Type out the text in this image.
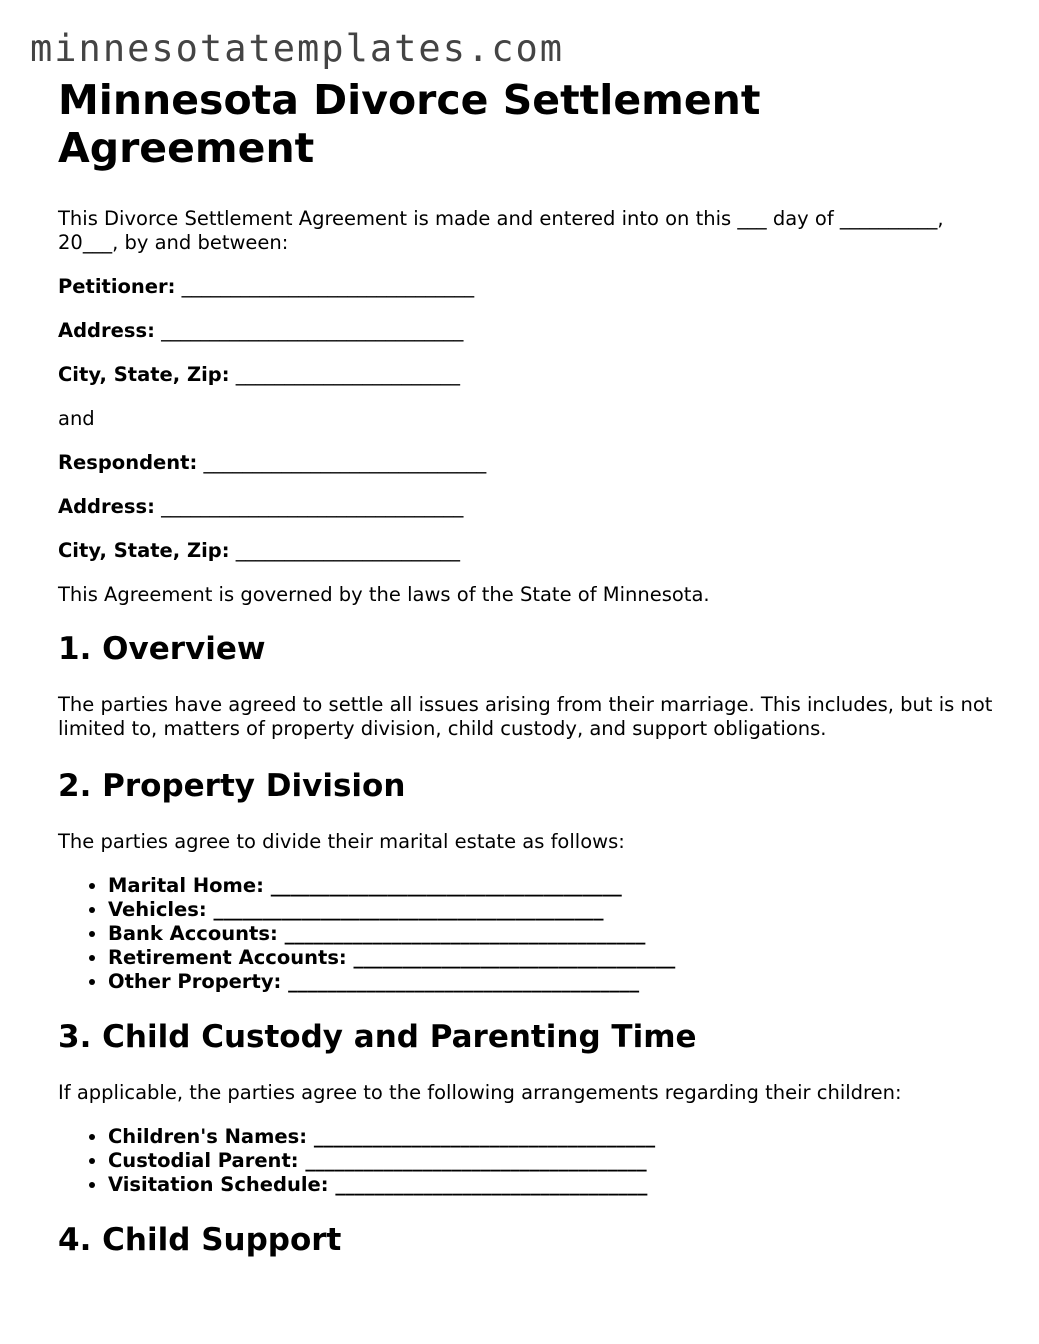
minnesotatemplates.com
Minnesota Divorce Settlement Agreement

This Divorce Settlement Agreement is made and entered into on this ___ day of __________, 20___, by and between:

Petitioner: ______________________________

Address: _______________________________

City, State, Zip: _______________________

and

Respondent: _____________________________

Address: _______________________________

City, State, Zip: _______________________

This Agreement is governed by the laws of the State of Minnesota.

1. Overview

The parties have agreed to settle all issues arising from their marriage. This includes, but is not limited to, matters of property division, child custody, and support obligations.

2. Property Division

The parties agree to divide their marital estate as follows:

• Marital Home: ____________________________________
• Vehicles: ________________________________________
• Bank Accounts: _____________________________________
• Retirement Accounts: _________________________________
• Other Property: ____________________________________
3. Child Custody and Parenting Time

If applicable, the parties agree to the following arrangements regarding their children:

• Children's Names: ___________________________________
• Custodial Parent: ___________________________________
• Visitation Schedule: ________________________________
4. Child Support
